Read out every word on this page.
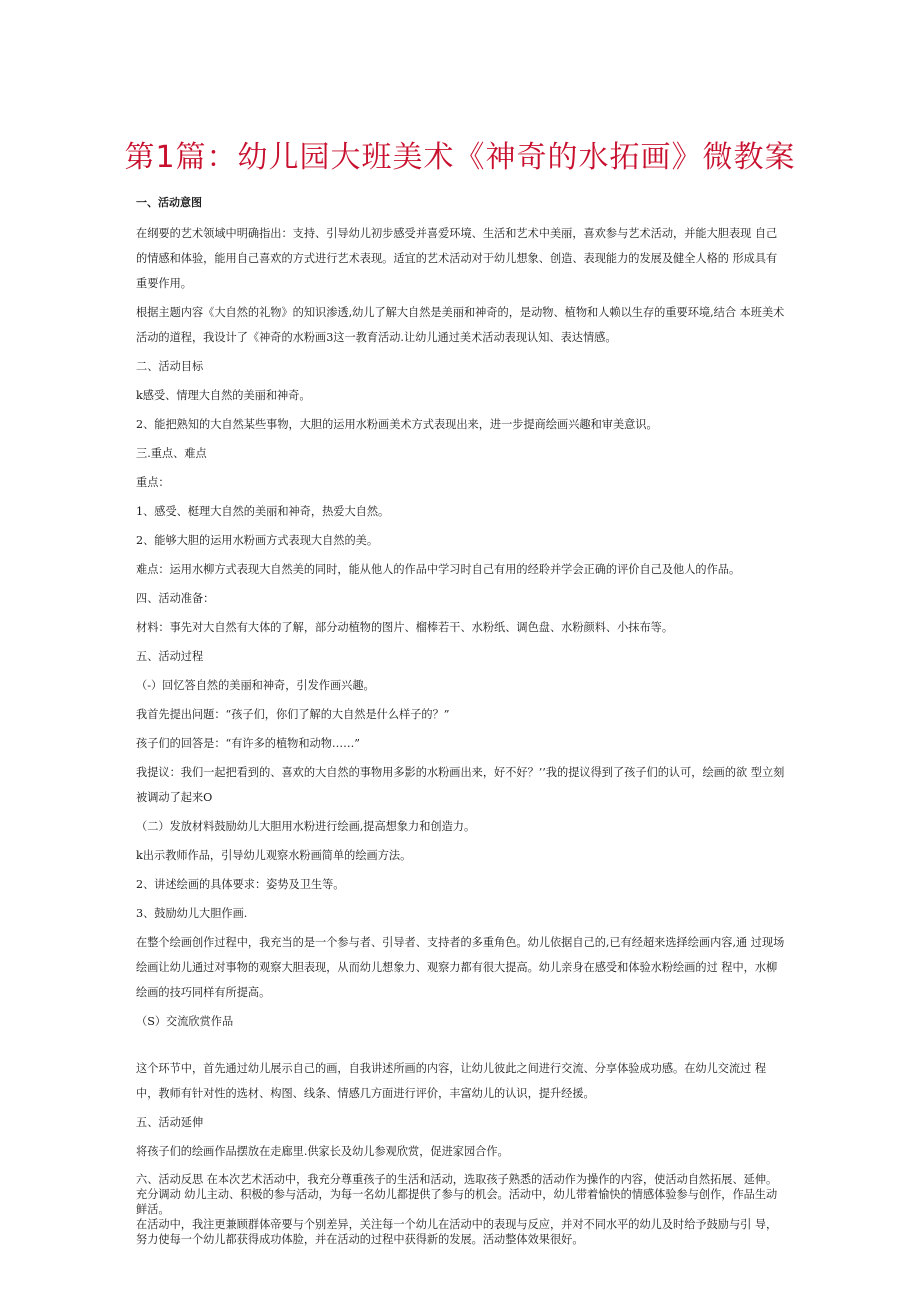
第1篇：幼儿园大班美术《神奇的水拓画》微教案
一、活动意图
在纲要的艺术领域中明确指出：支持、引导幼儿初步感受并喜爱环境、生活和艺术中美丽，喜欢参与艺术活动，并能大胆表现 自己的情感和体验，能用自己喜欢的方式进行艺术表现。适宜的艺术活动对于幼儿想象、创造、表现能力的发展及健全人格的 形成具有重要作用。
根据主题内容《大自然的礼物》的知识渗透,幼儿了解大自然是美丽和神奇的，是动物、植物和人赖以生存的重要环境,结合 本班美术活动的道程，我设计了《神奇的水粉画3这一教育活动.让幼儿通过美术活动表现认知、表达情感。
二、活动目标
k感受、情理大自然的美丽和神奇。
2、能把熟知的大自然某些事物，大胆的运用水粉画美术方式表现出来，进一步提商绘画兴趣和审美意识。
三.重点、难点
重点：
1、感受、梃理大自然的美丽和神奇，热爱大自然。
2、能够大胆的运用水粉画方式表现大自然的美。
难点：运用水柳方式表现大自然美的同时，能从他人的作品中学习时自己有用的经聆并学会正确的评价自己及他人的作品。
四、活动准备：
材料：事先对大自然有大体的了解，部分动植物的图片、榴棒若干、水粉纸、调色盘、水粉颜料、小抹布等。
五、活动过程
（-）回忆答自然的美丽和神奇，引发作画兴趣。
我首先提出问题：“孩子们，你们了解的大自然是什么样子的？”
孩子们的回答是：“有许多的植物和动物……”
我提议：我们一起把看到的、喜欢的大自然的事物用多影的水粉画出来，好不好？’’我的提议得到了孩子们的认可，绘画的欲 型立刻被调动了起来O
（二）发放材料鼓励幼儿大胆用水粉进行绘画,提高想象力和创造力。
k出示教师作品，引导幼儿观察水粉画简单的绘画方法。
2、讲述绘画的具体要求：姿势及卫生等。
3、鼓励幼儿大胆作画.
在整个绘画创作过程中，我充当的是一个参与者、引导者、支持者的多重角色。幼儿依据自己的,已有经超来选择绘画内容,通 过现场绘画让幼儿通过对事物的观察大胆表现，从而幼儿想象力、观察力都有很大提高。幼儿亲身在感受和体验水粉绘画的过 程中，水柳绘画的技巧同样有所提高。
（S）交流欣赏作品
这个环节中，首先通过幼儿展示自己的画，自我讲述所画的内容，让幼儿彼此之间进行交流、分享体验成功感。在幼儿交流过 程中，教师有针对性的选材、构图、线条、情感几方面进行评价，丰富幼儿的认识，提升经援。
五、活动延伸
将孩子们的绘画作品摆放在走廊里.供家长及幼儿参观欣赏，促进家园合作。
六、活动反思 在本次艺术活动中，我充分尊重孩子的生活和活动，选取孩子熟悉的活动作为操作的内容，使活动自然拓展、延伸。充分调动 幼儿主动、积极的参与活动，为每一名幼儿都提供了参与的机会。活动中，幼儿带着愉快的情感体验参与创作，作品生动鲜活。
在活动中，我注更兼顾群体帝要与个别差异，关注每一个幼儿在活动中的表现与反应，并对不同水平的幼儿及时给予鼓励与引 导，努力使每一个幼儿都获得成功体脸，并在活动的过程中获得新的发展。活动整体效果很好。
